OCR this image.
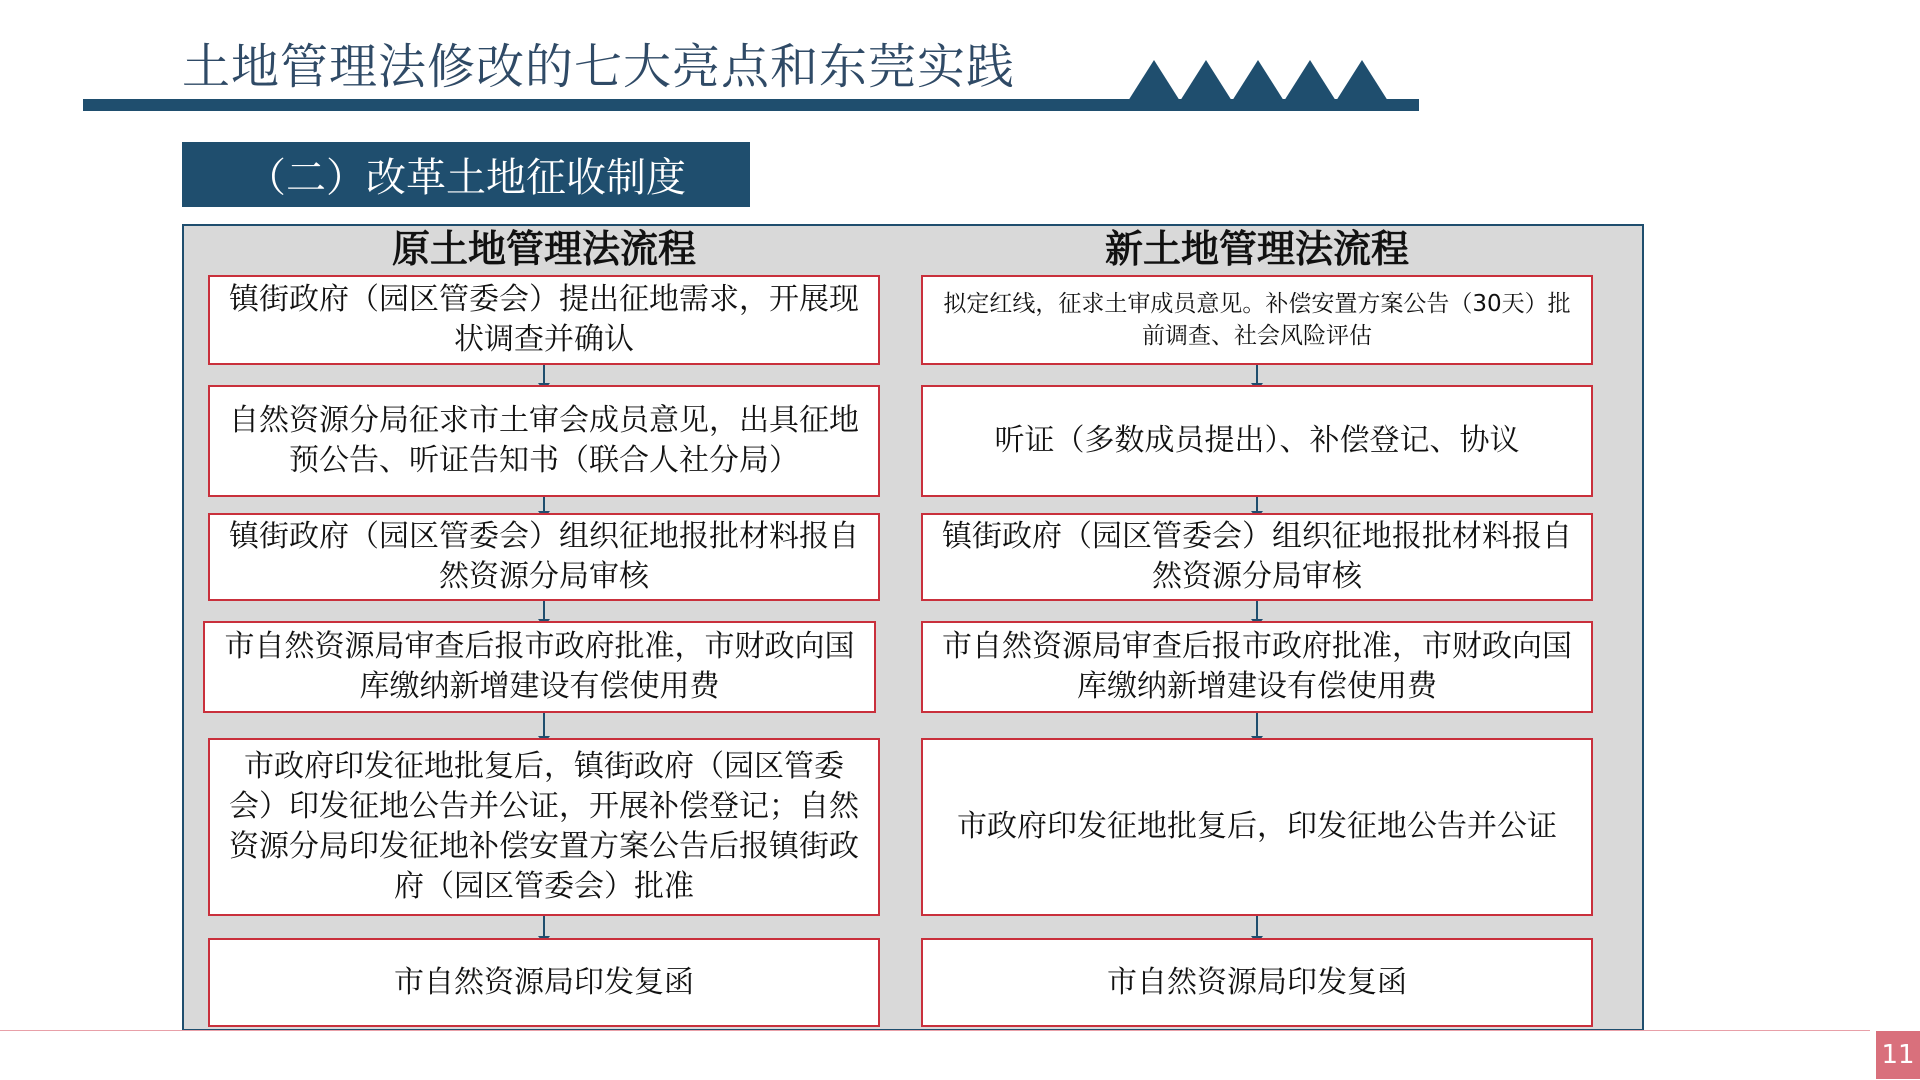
土地管理法修改的七大亮点和东莞实践
（二）改革土地征收制度
原土地管理法流程	新土地管理法流程
镇街政府（园区管委会）提出征地需求，开展现状调查并确认
自然资源分局征求市土审会成员意见，出具征地预公告、听证告知书（联合人社分局）
镇街政府（园区管委会）组织征地报批材料报自然资源分局审核
市自然资源局审查后报市政府批准，市财政向国库缴纳新增建设有偿使用费
市政府印发征地批复后，镇街政府（园区管委会）印发征地公告并公证，开展补偿登记；自然资源分局印发征地补偿安置方案公告后报镇街政府（园区管委会）批准
市自然资源局印发复函
拟定红线，征求土审成员意见。补偿安置方案公告（30天）批前调查、社会风险评估
听证（多数成员提出）、补偿登记、协议
镇街政府（园区管委会）组织征地报批材料报自然资源分局审核
市自然资源局审查后报市政府批准，市财政向国库缴纳新增建设有偿使用费
市政府印发征地批复后，印发征地公告并公证
市自然资源局印发复函
11
